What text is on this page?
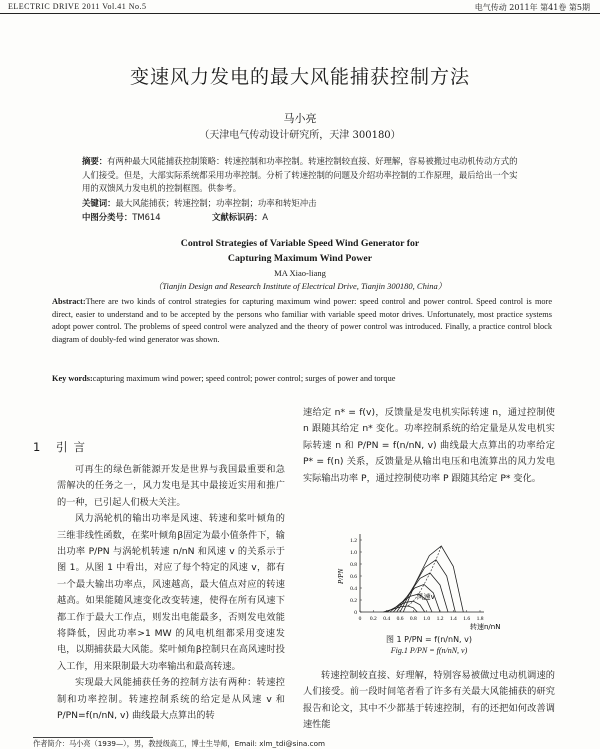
ELECTRIC DRIVE 2011 Vol.41 No.5	电气传动 2011年 第41卷 第5期
变速风力发电的最大风能捕获控制方法
马小亮
（天津电气传动设计研究所，天津 300180）
摘要：有两种最大风能捕获控制策略：转速控制和功率控制。转速控制较直接、好理解，容易被搬过电动机传动方式的人们接受。但是，大部实际系统都采用功率控制。分析了转速控制的问题及介绍功率控制的工作原理，最后给出一个实用的双馈风力发电机的控制框图。供参考。
关键词：最大风能捕获；转速控制；功率控制；功率和转矩冲击
中图分类号：TM614	文献标识码：A
Control Strategies of Variable Speed Wind Generator for
Capturing Maximum Wind Power
MA Xiao-liang
（Tianjin Design and Research Institute of Electrical Drive, Tianjin 300180, China）
Abstract:There are two kinds of control strategies for capturing maximum wind power: speed control and power control. Speed control is more direct, easier to understand and to be accepted by the persons who familiar with variable speed motor drives. Unfortunately, most practice systems adopt power control. The problems of speed control were analyzed and the theory of power control was introduced. Finally, a practice control block diagram of doubly-fed wind generator was shown.
Key words:capturing maximum wind power; speed control; power control; surges of power and torque
1 引言

可再生的绿色新能源开发是世界与我国最重要和急需解决的任务之一，风力发电是其中最接近实用和推广的一种，已引起人们极大关注。

风力涡轮机的输出功率是风速、转速和桨叶倾角的三维非线性函数，在桨叶倾角β固定为最小值条件下，输出功率 P/PN 与涡轮机转速 n/nN 和风速 v 的关系示于图 1。从图 1 中看出，对应了每个特定的风速 v，都有一个最大输出功率点，风速越高，最大值点对应的转速越高。如果能随风速变化改变转速，使得在所有风速下都工作于最大工作点，则发出电能最多，否则发电效能将降低，因此功率>1 MW 的风电机组都采用变速发电，以期捕获最大风能。桨叶倾角β控制只在高风速时投入工作，用来限制最大功率输出和最高转速。

实现最大风能捕获任务的控制方法有两种：转速控制和功率控制。转速控制系统的给定是从风速 v 和 P/PN=f(n/nN, v) 曲线最大点算出的转

速给定 n* = f(v)，反馈量是发电机实际转速 n，通过控制使 n 跟随其给定 n* 变化。功率控制系统的给定量是从发电机实际转速 n 和 P/PN = f(n/nN, v) 曲线最大点算出的功率给定 P* = f(n) 关系，反馈量是从输出电压和电流算出的风力发电实际输出功率 P，通过控制使功率 P 跟随其给定 P* 变化。

0 0.2 0.4 0.6 0.8 1.0 1.2 1.4 1.6 1.8
0
0.2
0.4
0.6
0.8
1.0
1.2
P/PN
转速n/nN
风速v
图 1 P/PN = f(n/nN, v)
Fig.1 P/PN = f(n/nN, v)

转速控制较直接、好理解，特别容易被做过电动机调速的人们接受。前一段时间笔者看了许多有关最大风能捕获的研究报告和论文，其中不少都基于转速控制，有的还把如何改善调速性能

作者简介：马小亮（1939—），男，教授级高工，博士生导师，Email: xlm_tdi@sina.com
